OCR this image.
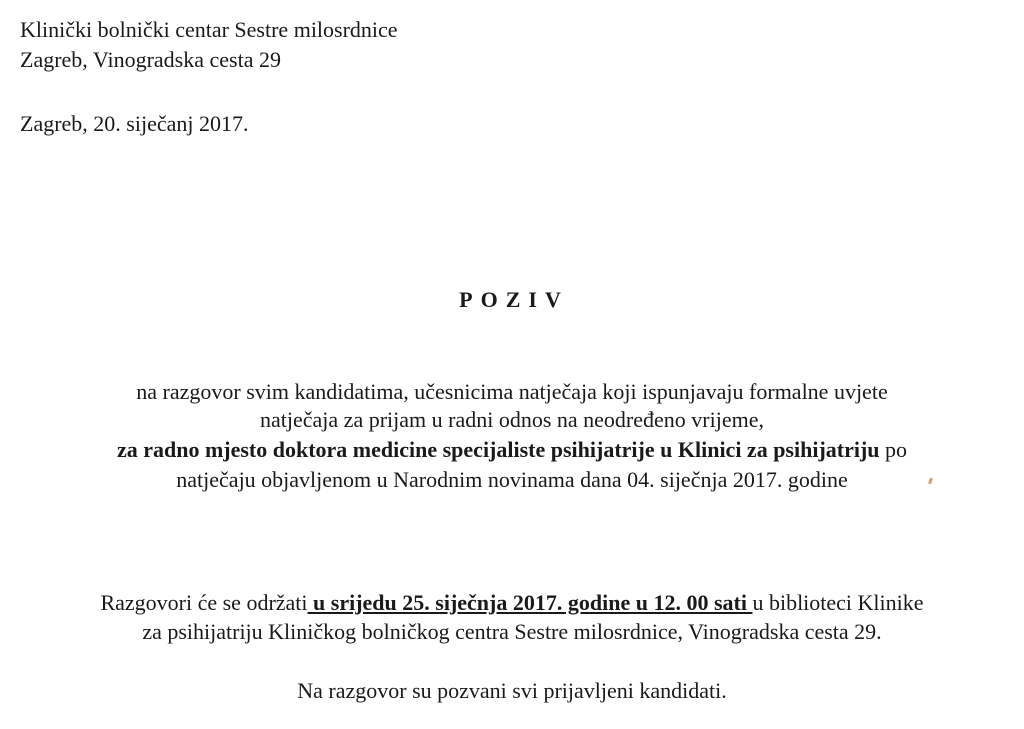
Klinički bolnički centar Sestre milosrdnice
Zagreb, Vinogradska cesta 29
Zagreb, 20. siječanj 2017.
POZIV
na razgovor svim kandidatima, učesnicima natječaja koji ispunjavaju formalne uvjete
natječaja za prijam u radni odnos na neodređeno vrijeme,
za radno mjesto doktora medicine specijaliste psihijatrije u Klinici za psihijatriju po
natječaju objavljenom u Narodnim novinama dana 04. siječnja 2017. godine
Razgovori će se održati u srijedu 25. siječnja 2017. godine u 12. 00 sati u biblioteci Klinike
za psihijatriju Kliničkog bolničkog centra Sestre milosrdnice, Vinogradska cesta 29.
Na razgovor su pozvani svi prijavljeni kandidati.
